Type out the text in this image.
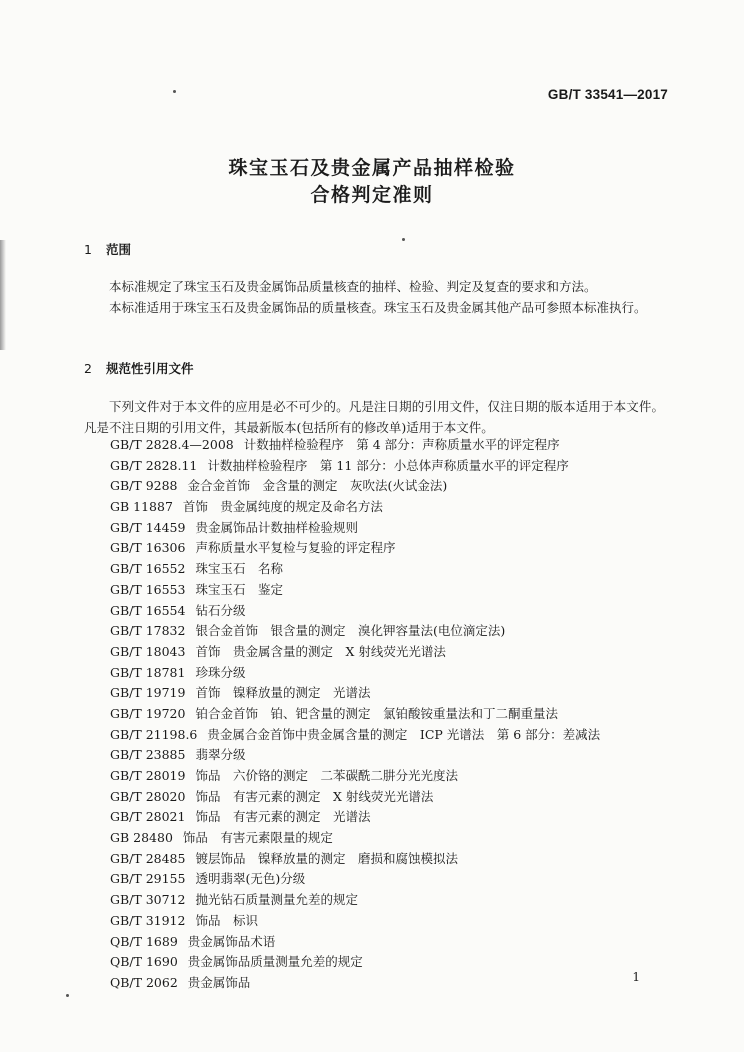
GB/T 33541—2017
珠宝玉石及贵金属产品抽样检验
合格判定准则
1 范围
本标准规定了珠宝玉石及贵金属饰品质量核查的抽样、检验、判定及复查的要求和方法。
本标准适用于珠宝玉石及贵金属饰品的质量核查。珠宝玉石及贵金属其他产品可参照本标准执行。
2 规范性引用文件
下列文件对于本文件的应用是必不可少的。凡是注日期的引用文件，仅注日期的版本适用于本文件。凡是不注日期的引用文件，其最新版本(包括所有的修改单)适用于本文件。
GB/T 2828.4—2008 计数抽样检验程序　第 4 部分：声称质量水平的评定程序
GB/T 2828.11 计数抽样检验程序　第 11 部分：小总体声称质量水平的评定程序
GB/T 9288 金合金首饰　金含量的测定　灰吹法(火试金法)
GB 11887 首饰　贵金属纯度的规定及命名方法
GB/T 14459 贵金属饰品计数抽样检验规则
GB/T 16306 声称质量水平复检与复验的评定程序
GB/T 16552 珠宝玉石　名称
GB/T 16553 珠宝玉石　鉴定
GB/T 16554 钻石分级
GB/T 17832 银合金首饰　银含量的测定　溴化钾容量法(电位滴定法)
GB/T 18043 首饰　贵金属含量的测定　X 射线荧光光谱法
GB/T 18781 珍珠分级
GB/T 19719 首饰　镍释放量的测定　光谱法
GB/T 19720 铂合金首饰　铂、钯含量的测定　氯铂酸铵重量法和丁二酮重量法
GB/T 21198.6 贵金属合金首饰中贵金属含量的测定　ICP 光谱法　第 6 部分：差减法
GB/T 23885 翡翠分级
GB/T 28019 饰品　六价铬的测定　二苯碳酰二肼分光光度法
GB/T 28020 饰品　有害元素的测定　X 射线荧光光谱法
GB/T 28021 饰品　有害元素的测定　光谱法
GB 28480 饰品　有害元素限量的规定
GB/T 28485 镀层饰品　镍释放量的测定　磨损和腐蚀模拟法
GB/T 29155 透明翡翠(无色)分级
GB/T 30712 抛光钻石质量测量允差的规定
GB/T 31912 饰品　标识
QB/T 1689 贵金属饰品术语
QB/T 1690 贵金属饰品质量测量允差的规定
QB/T 2062 贵金属饰品	1
